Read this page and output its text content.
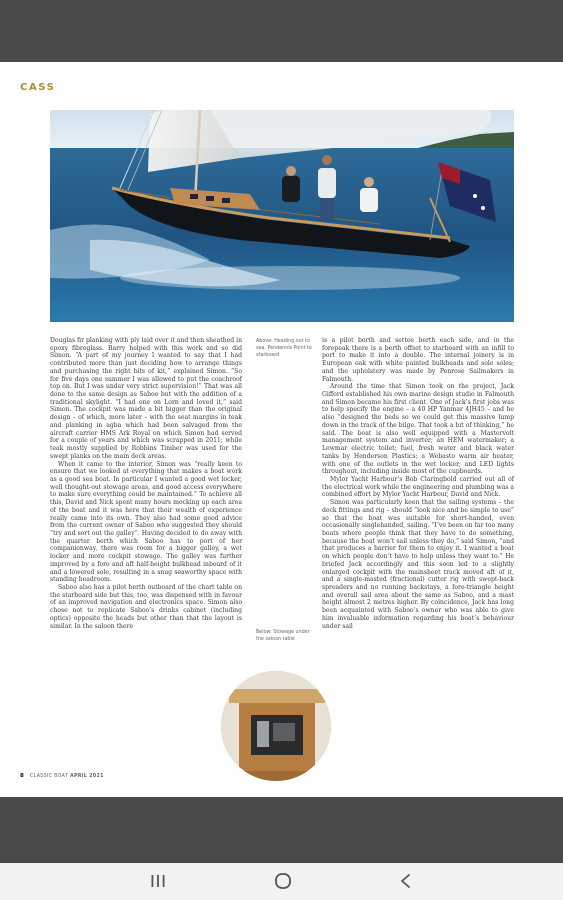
CASS

Douglas fir planking with ply laid over it and then sheathed in epoxy fibreglass. Barry helped with this work and so did Simon. “A part of my journey I wanted to say that I had contributed more than just deciding how to arrange things and purchasing the right bits of kit,” explained Simon. “So for five days one summer I was allowed to put the coachroof top on. But I was under very strict supervision!” That was all done to the same design as Saboo but with the addition of a traditional skylight. “I had one on Lorn and loved it,” said Simon. The cockpit was made a bit bigger than the original design – of which, more later – with the seat margins in teak and planking in agba which had been salvaged from the aircraft carrier HMS Ark Royal on which Simon had served for a couple of years and which was scrapped in 2011; while teak mostly supplied by Robbins Timber was used for the swept planks on the main deck areas.

When it came to the interior, Simon was “really keen to ensure that we looked at everything that makes a boat work as a good sea boat. In particular I wanted a good wet locker, well thought-out stowage areas, and good access everywhere to make sure everything could be maintained.” To achieve all this, David and Nick spent many hours mocking up each area of the boat and it was here that their wealth of experience really came into its own. They also had some good advice from the current owner of Saboo who suggested they should “try and sort out the galley”. Having decided to do away with the quarter berth which Saboo has to port of her companionway, there was room for a bigger galley, a wet locker and more cockpit stowage. The galley was further improved by a fore and aft half-height bulkhead inboard of it and a lowered sole, resulting in a snug seaworthy space with standing headroom.

Saboo also has a pilot berth outboard of the chart table on the starboard side but this, too, was dispensed with in favour of an improved navigation and electronics space. Simon also chose not to replicate Saboo’s drinks cabinet (including optics) opposite the heads but other than that the layout is similar. In the saloon there

Above: Heading out to sea, Pendennis Point to starboard
Below: Stowage under the saloon table

is a pilot berth and settee berth each side, and in the forepeak there is a berth offset to starboard with an infill to port to make it into a double. The internal joinery is in European oak with white painted bulkheads and sole soles; and the upholstery was made by Penrose Sailmakers in Falmouth.

Around the time that Simon took on the project, Jack Gifford established his own marine design studio in Falmouth and Simon became his first client. One of Jack’s first jobs was to help specify the engine – a 40 HP Yanmar 4JH45 – and he also “designed the beds so we could get this massive lump down in the track of the bilge. That took a bit of thinking,” he said. The boat is also well equipped with a Mastervolt management system and inverter; an HEM watermaker; a Lewmar electric toilet; fuel, fresh water and black water tanks by Henderson Plastics; a Webasto warm air heater, with one of the outlets in the wet locker; and LED lights throughout, including inside most of the cupboards.

Mylor Yacht Harbour’s Bob Claringbold carried out all of the electrical work while the engineering and plumbing was a combined effort by Mylor Yacht Harbour, David and Nick.

Simon was particularly keen that the sailing systems – the deck fittings and rig – should “look nice and be simple to use” so that the boat was suitable for short-handed, even occasionally singlehanded, sailing. “I’ve been on far too many boats where people think that they have to do something, because the boat won’t sail unless they do,” said Simon, “and that produces a barrier for them to enjoy it. I wanted a boat on which people don’t have to help unless they want to.” He briefed Jack accordingly and this soon led to a slightly enlarged cockpit with the mainsheet track moved aft of it, and a single-masted (fractional) cutter rig with swept-back spreaders and no running backstays, a fore-triangle height and overall sail area about the same as Saboo, and a mast height almost 2 metres higher. By coincidence, Jack has long been acquainted with Saboo’s owner who was able to give him invaluable information regarding his boat’s behaviour under sail

8 CLASSIC BOAT APRIL 2021
